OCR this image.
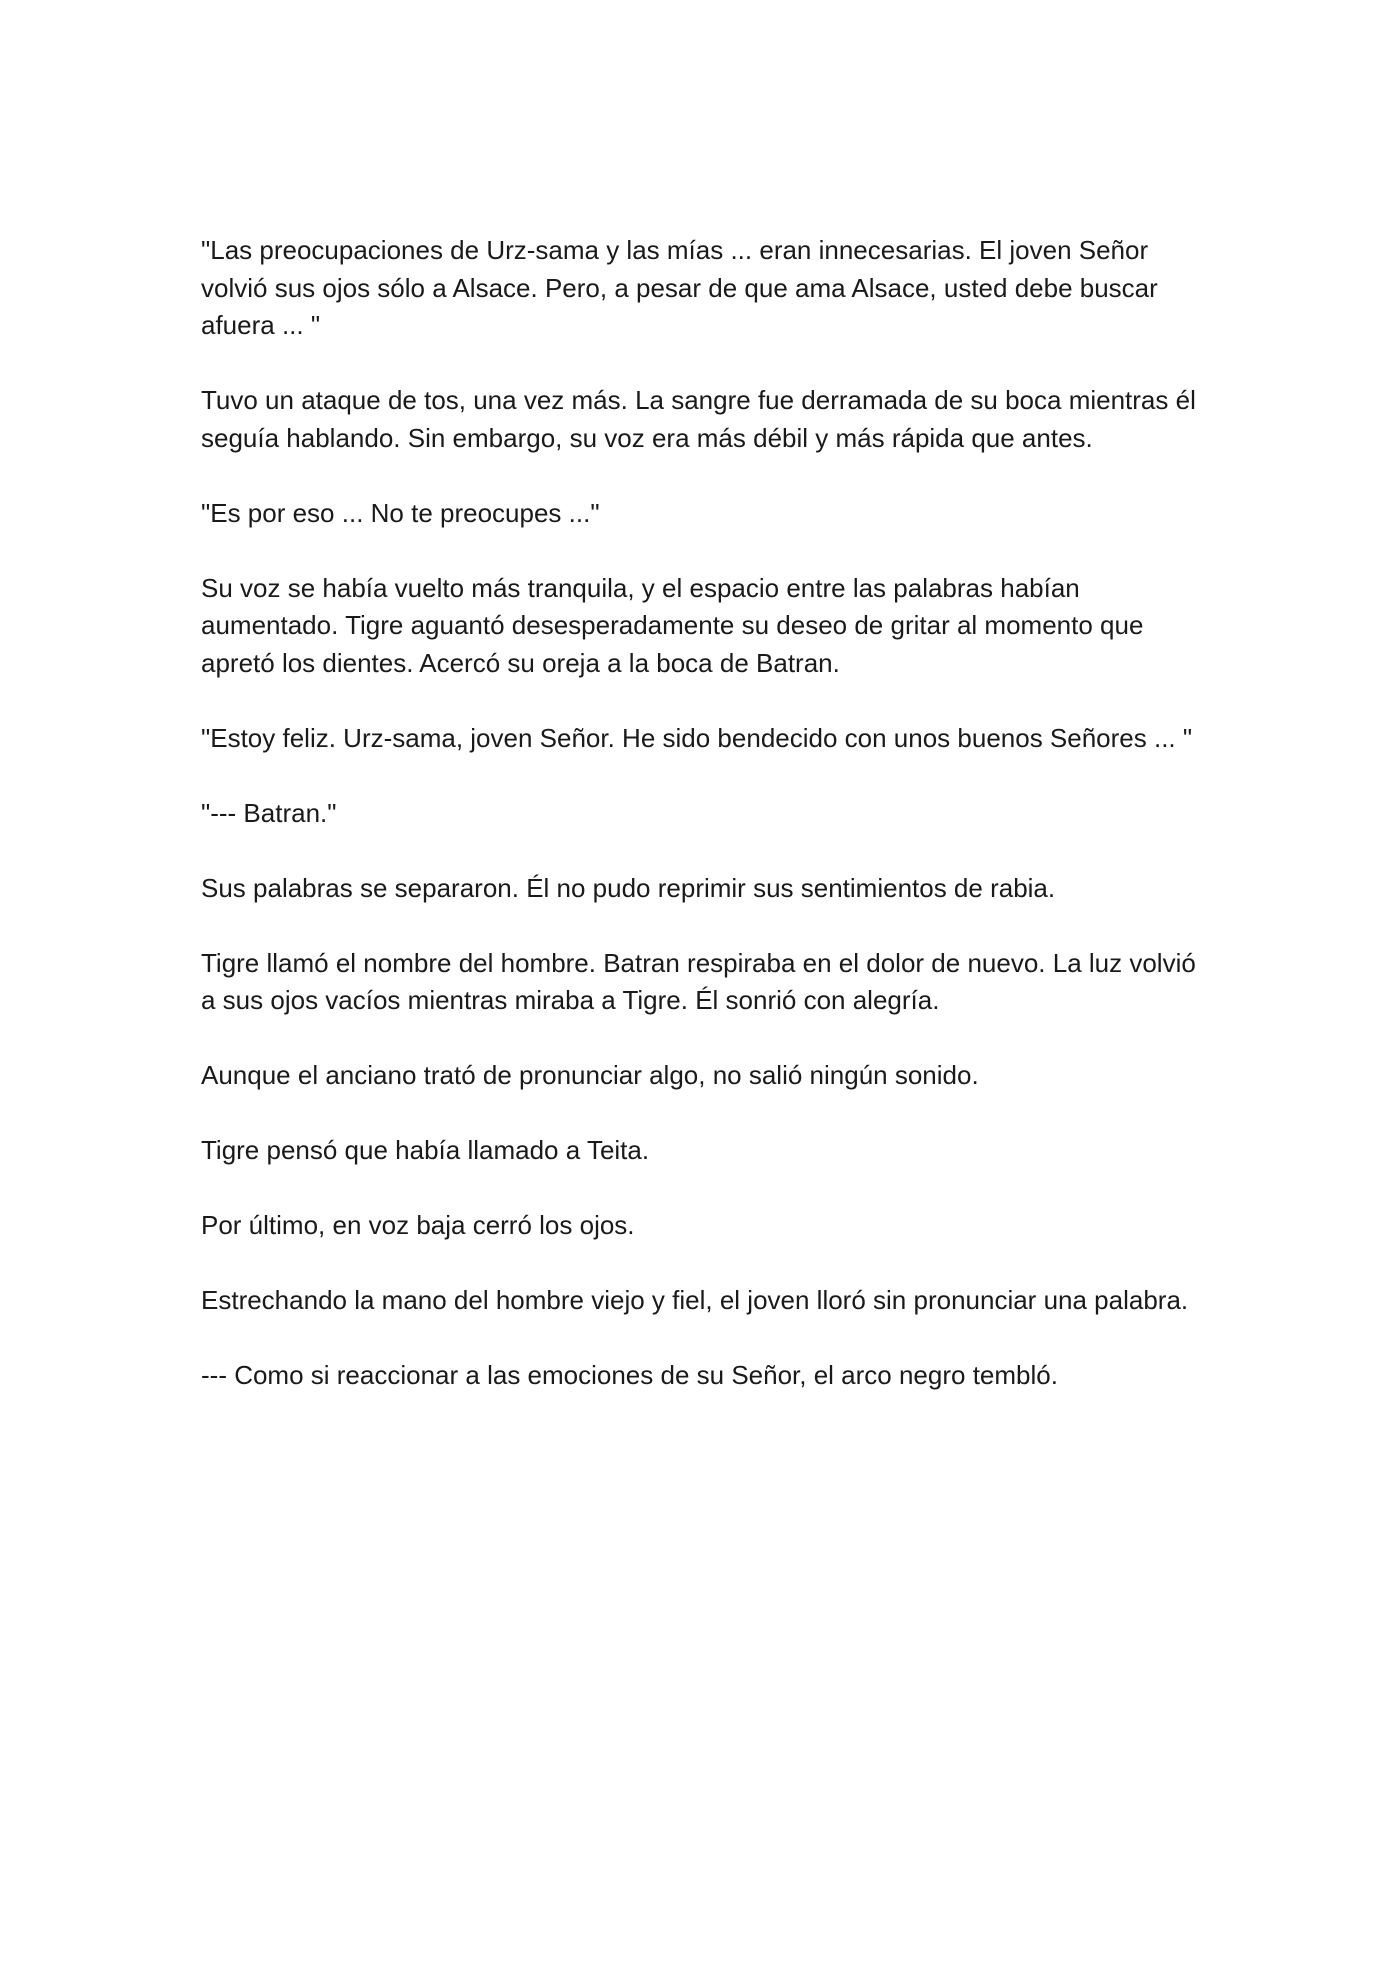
"Las preocupaciones de Urz-sama y las mías ... eran innecesarias. El joven Señor volvió sus ojos sólo a Alsace. Pero, a pesar de que ama Alsace, usted debe buscar afuera ... "

Tuvo un ataque de tos, una vez más. La sangre fue derramada de su boca mientras él seguía hablando. Sin embargo, su voz era más débil y más rápida que antes.

"Es por eso ... No te preocupes ..."

Su voz se había vuelto más tranquila, y el espacio entre las palabras habían aumentado. Tigre aguantó desesperadamente su deseo de gritar al momento que apretó los dientes. Acercó su oreja a la boca de Batran.

"Estoy feliz. Urz-sama, joven Señor. He sido bendecido con unos buenos Señores ... "

"--- Batran."

Sus palabras se separaron. Él no pudo reprimir sus sentimientos de rabia.

Tigre llamó el nombre del hombre. Batran respiraba en el dolor de nuevo. La luz volvió a sus ojos vacíos mientras miraba a Tigre. Él sonrió con alegría.

Aunque el anciano trató de pronunciar algo, no salió ningún sonido.

Tigre pensó que había llamado a Teita.

Por último, en voz baja cerró los ojos.

Estrechando la mano del hombre viejo y fiel, el joven lloró sin pronunciar una palabra.

--- Como si reaccionar a las emociones de su Señor, el arco negro tembló.
